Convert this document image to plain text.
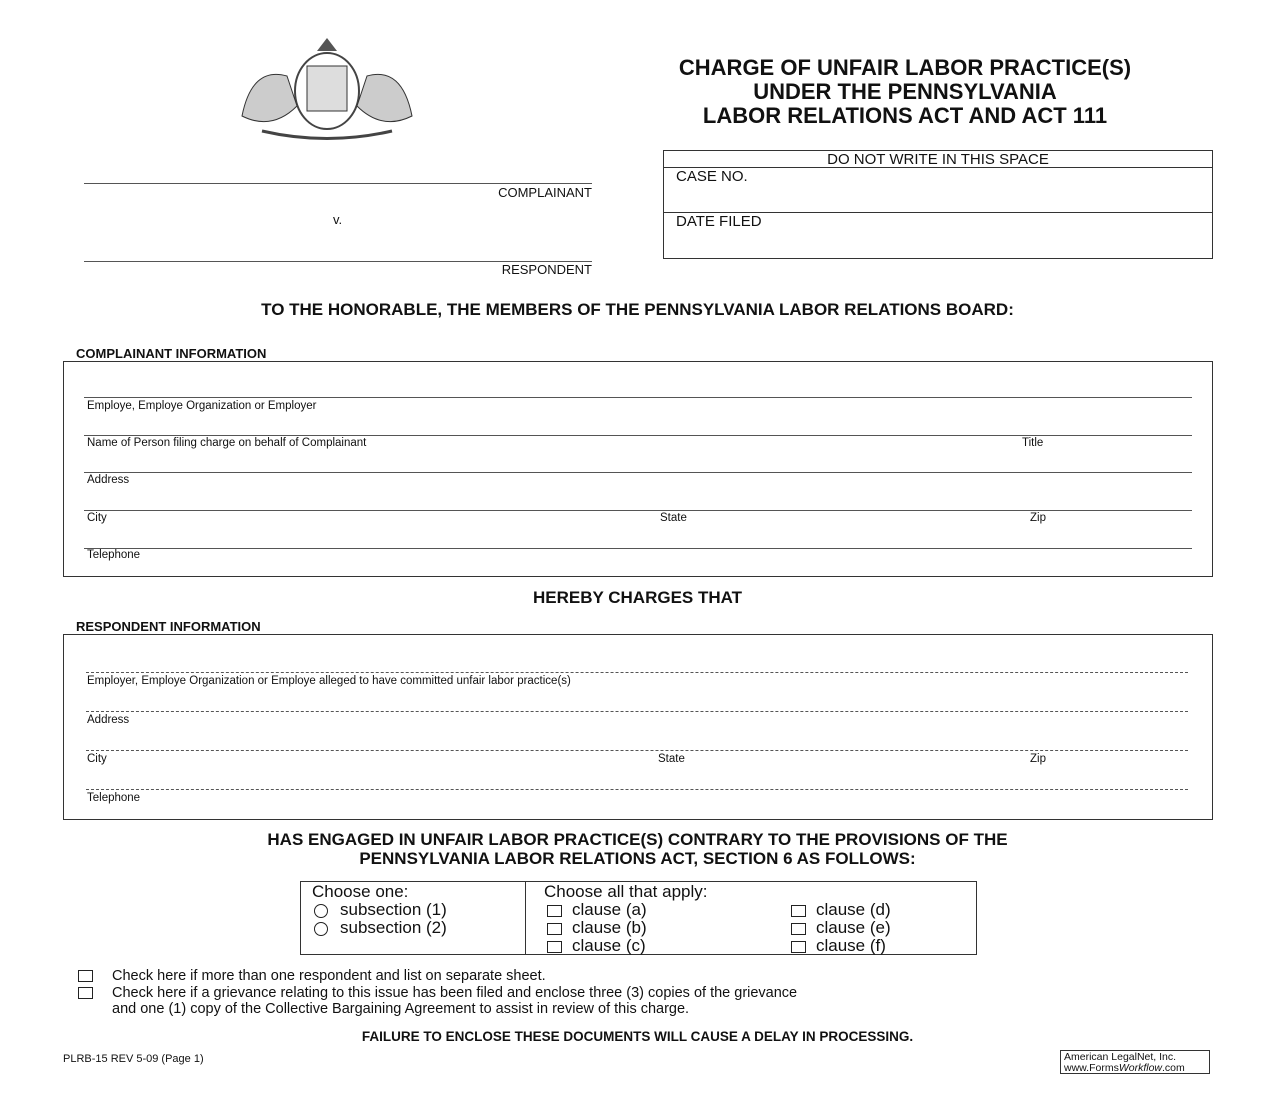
CHARGE OF UNFAIR LABOR PRACTICE(S)
UNDER THE PENNSYLVANIA
LABOR RELATIONS ACT AND ACT 111
COMPLAINANT
v.
RESPONDENT
DO NOT WRITE IN THIS SPACE
CASE NO.
DATE FILED
TO THE HONORABLE, THE MEMBERS OF THE PENNSYLVANIA LABOR RELATIONS BOARD:
COMPLAINANT INFORMATION
Employe, Employe Organization or Employer
Name of Person filing charge on behalf of Complainant	Title
Address
City	State	Zip
Telephone
HEREBY CHARGES THAT
RESPONDENT INFORMATION
Employer, Employe Organization or Employe alleged to have committed unfair labor practice(s)
Address
City	State	Zip
Telephone
HAS ENGAGED IN UNFAIR LABOR PRACTICE(S) CONTRARY TO THE PROVISIONS OF THE
PENNSYLVANIA LABOR RELATIONS ACT, SECTION 6 AS FOLLOWS:
Choose one:
subsection (1)
subsection (2)
Choose all that apply:
clause (a)
clause (b)
clause (c)
clause (d)
clause (e)
clause (f)
Check here if more than one respondent and list on separate sheet.
Check here if a grievance relating to this issue has been filed and enclose three (3) copies of the grievance
and one (1) copy of the Collective Bargaining Agreement to assist in review of this charge.
FAILURE TO ENCLOSE THESE DOCUMENTS WILL CAUSE A DELAY IN PROCESSING.
PLRB-15 REV 5-09 (Page 1)	American LegalNet, Inc.
www.FormsWorkflow.com
